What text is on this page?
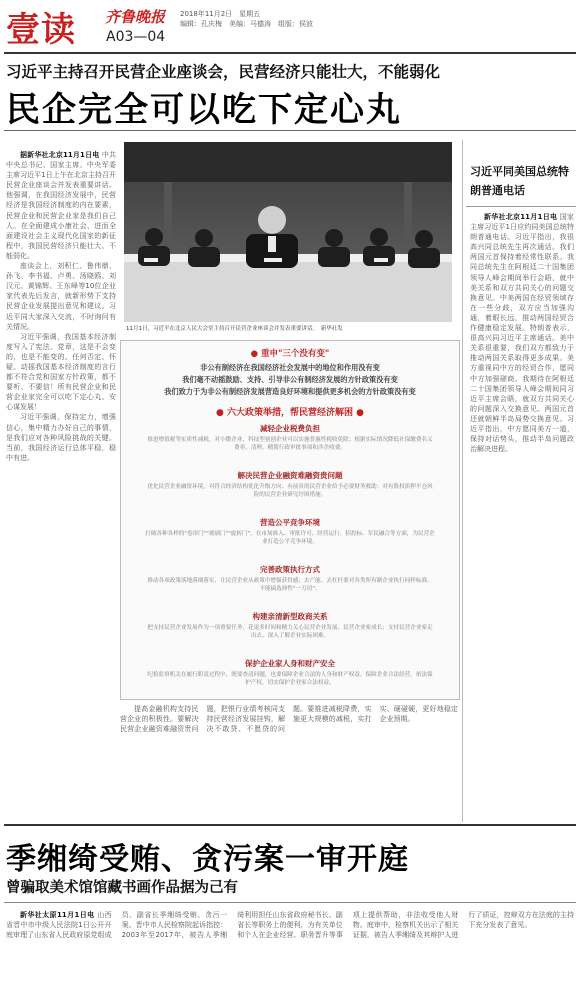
壹读 齐鲁晚报
A03—04
2018年11月2日　星期五
编辑：孔庆梅　美编：马德涛　组版：侯波
习近平主持召开民营企业座谈会，民营经济只能壮大，不能弱化
民企完全可以吃下定心丸

据新华社北京11月1日电 中共中央总书记、国家主席、中央军委主席习近平1日上午在北京主持召开民营企业座谈会并发表重要讲话。他强调，在我国经济发展中，民营经济是我国经济制度的内在要素，民营企业和民营企业家是我们自己人。在全面建成小康社会、进而全面建设社会主义现代化国家的新征程中，我国民营经济只能壮大、不能弱化。

座谈会上，刘积仁、鲁伟鼎、孙飞、李书福、卢勇、汤晓鸥、刘汉元、黄锦辉、王东峰等10位企业家代表先后发言，就新形势下支持民营企业发展提出意见和建议。习近平同大家深入交流，不时询问有关情况。

习近平强调，我国基本经济制度写入了宪法、党章，这是不会变的，也是不能变的。任何否定、怀疑、动摇我国基本经济制度的言行都不符合党和国家方针政策，都不要听、不要信！所有民营企业和民营企业家完全可以吃下定心丸、安心谋发展！

习近平强调，保持定力，增强信心，集中精力办好自己的事情，是我们应对各种风险挑战的关键。当前，我国经济运行总体平稳，稳中有进。

11月1日，习近平在北京人民大会堂主持召开民营企业座谈会并发表重要讲话。　新华社发
习近平同美国总统特朗普通电话

新华社北京11月1日电 国家主席习近平1日应约同美国总统特朗普通电话。习近平指出，我很高兴同总统先生再次通话。我们两国元首保持着经常性联系。我同总统先生在阿根廷二十国集团领导人峰会期间举行会晤，就中美关系和双方共同关心的问题交换意见。中美两国在经贸领域存在一些分歧，双方应当加强沟通，着眼长远，推动两国经贸合作健康稳定发展。特朗普表示，很高兴同习近平主席通话。美中关系很重要，我们双方都致力于推动两国关系取得更多成果。美方重视同中方的经贸合作，愿同中方加强磋商。我期待在阿根廷二十国集团领导人峰会期间同习近平主席会晤，就双方共同关心的问题深入交换意见。两国元首还就朝鲜半岛局势交换意见。习近平指出，中方愿同美方一道，保持对话势头，推动半岛问题政治解决进程。

● 重申"三个没有变"
非公有制经济在我国经济社会发展中的地位和作用没有变
我们毫不动摇鼓励、支持、引导非公有制经济发展的方针政策没有变
我们致力于为非公有制经济发展营造良好环境和提供更多机会的方针政策没有变
● 六大政策举措，帮民营经济解困 ●
减轻企业税费负担
推进增值税等实质性减税，对小微企业、科技型初创企业可以实施普惠性税收免除；根据实际情况降低社保缴费名义费率，清理、精简行政审批事项和涉企收费。
解决民营企业融资难融资贵问题
优化民营企业融资环境，对符合经济结构优化升级方向、有前景的民营企业给予必要财务救助；对有股权质押平仓风险的民营企业研究纾困措施。
营造公平竞争环境
打破各种各样的"卷帘门""玻璃门""旋转门"，在市场准入、审批许可、经营运行、招投标、军民融合等方面，为民营企业打造公平竞争环境。
完善政策执行方式
推动各项政策落地落细落实，让民营企业从政策中增强获得感；去产能、去杠杆要对各类所有制企业执行同样标准，不能搞选择性"一刀切"。
构建亲清新型政商关系
把支持民营企业发展作为一项重要任务，花更多时间和精力关心民营企业发展、民营企业家成长；支持民营企业家走出去、深入了解企业实际困难。
保护企业家人身和财产安全
纪检监察机关在履行职责过程中，既要查清问题，也要保障企业合法的人身和财产权益，保障企业合法经营，依法保护产权，切实保护企业家合法权益。

提高金融机构支持民营企业的积极性。要解决民营企业融资难融资贵问题，把银行业绩考核同支持民营经济发展挂钩，解决不敢贷、不愿贷的问题。要推进减税降费，实施更大规模的减税，实打实、硬碰硬，更好地稳定企业预期。

季缃绮受贿、贪污案一审开庭
曾骗取美术馆馆藏书画作品据为己有

新华社太原11月1日电 山西省晋中市中级人民法院1日公开开庭审理了山东省人民政府原党组成员、副省长季缃绮受贿、贪污一案。晋中市人民检察院起诉指控：2003年至2017年，被告人季缃绮利用担任山东省政府秘书长、副省长等职务上的便利，为有关单位和个人在企业经营、职务晋升等事项上提供帮助，非法收受他人财物。庭审中，检察机关出示了相关证据，被告人季缃绮及其辩护人进行了质证，控辩双方在法庭的主持下充分发表了意见。
